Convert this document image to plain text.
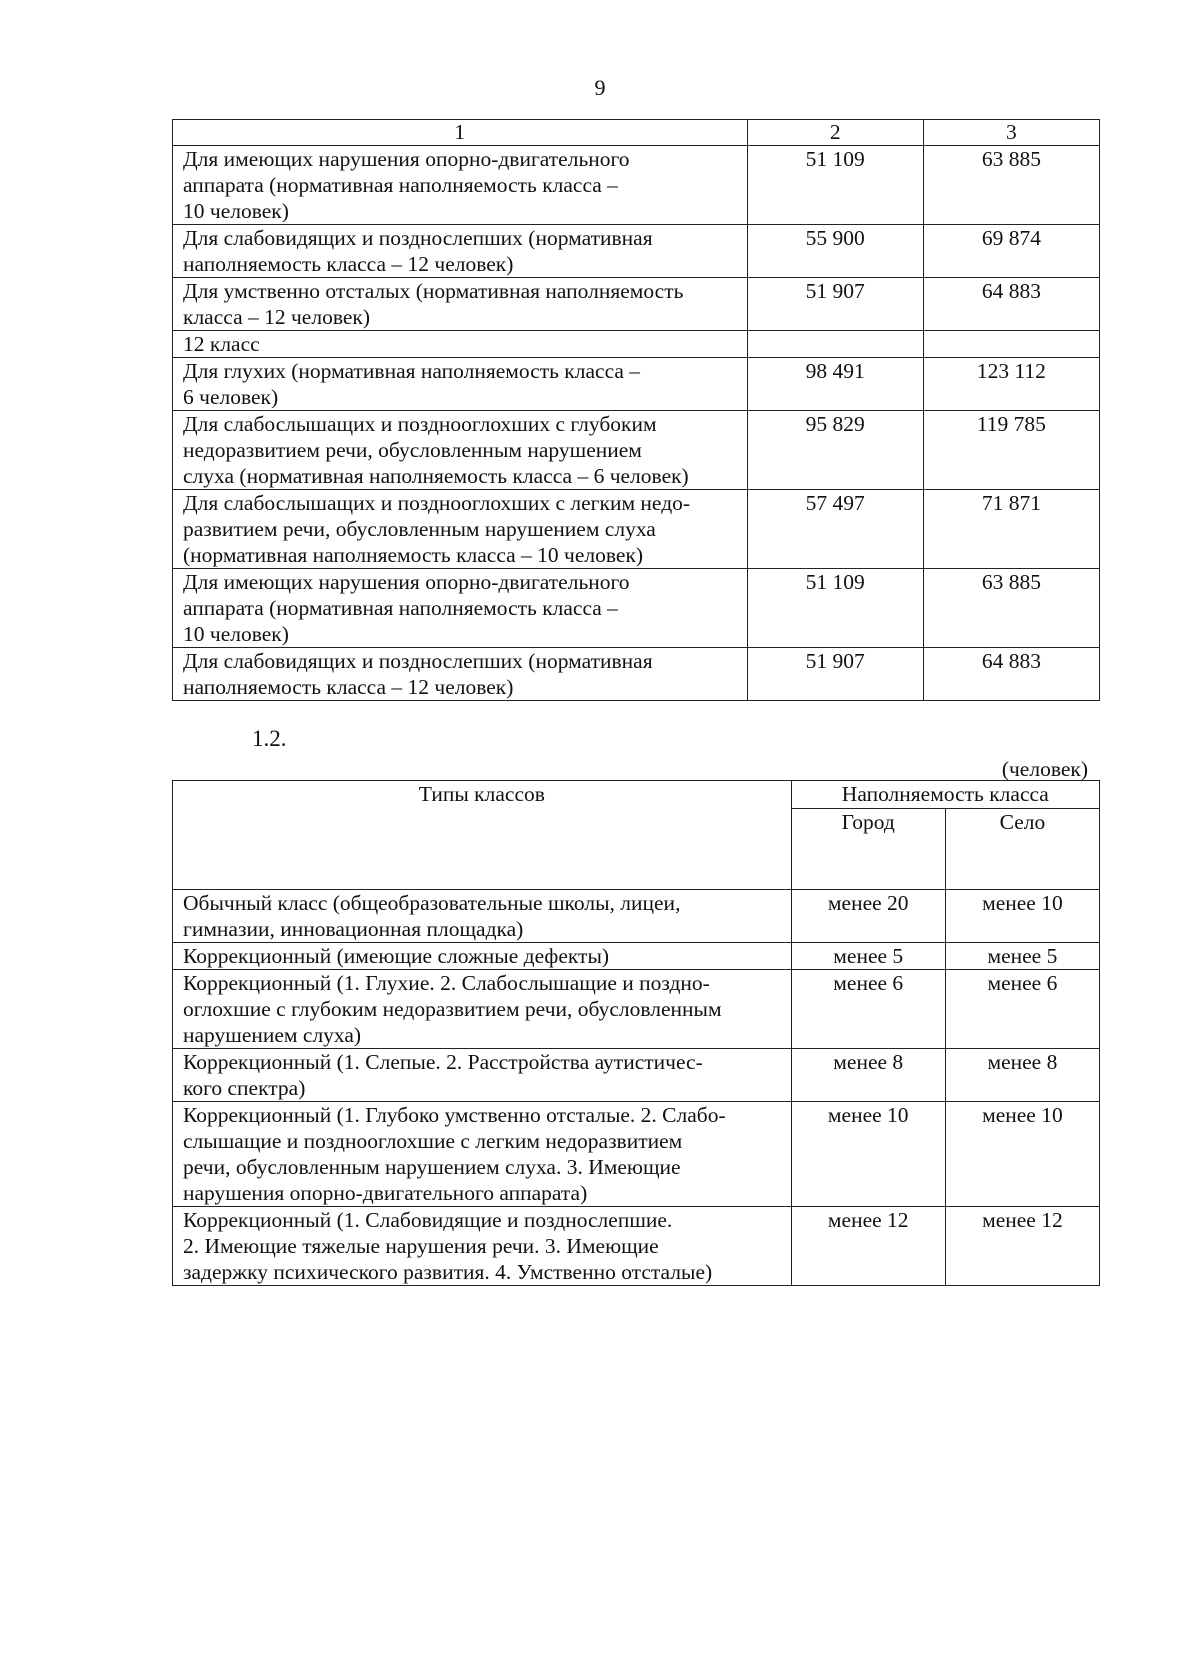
9
1	2	3

Для имеющих нарушения опорно-двигательного
аппарата (нормативная наполняемость класса –
10 человек)	51 109	63 885

Для слабовидящих и позднослепших (нормативная
наполняемость класса – 12 человек)	55 900	69 874

Для умственно отсталых (нормативная наполняемость
класса – 12 человек)	51 907	64 883

12 класс		

Для глухих (нормативная наполняемость класса –
6 человек)	98 491	123 112

Для слабослышащих и позднооглохших с глубоким
недоразвитием речи, обусловленным нарушением
слуха (нормативная наполняемость класса – 6 человек)	95 829	119 785

Для слабослышащих и позднооглохших с легким недо-
развитием речи, обусловленным нарушением слуха
(нормативная наполняемость класса – 10 человек)	57 497	71 871

Для имеющих нарушения опорно-двигательного
аппарата (нормативная наполняемость класса –
10 человек)	51 109	63 885

Для слабовидящих и позднослепших (нормативная
наполняемость класса – 12 человек)	51 907	64 883
1.2.
(человек)
Типы классов	Наполняемость класса	
	Город	Село

Обычный класс (общеобразовательные школы, лицеи,
гимназии, инновационная площадка)	менее 20	менее 10

Коррекционный (имеющие сложные дефекты)	менее 5	менее 5

Коррекционный (1. Глухие. 2. Слабослышащие и поздно-
оглохшие с глубоким недоразвитием речи, обусловленным
нарушением слуха)	менее 6	менее 6

Коррекционный (1. Слепые. 2. Расстройства аутистичес-
кого спектра)	менее 8	менее 8

Коррекционный (1. Глубоко умственно отсталые. 2. Слабо-
слышащие и позднооглохшие с легким недоразвитием
речи, обусловленным нарушением слуха. 3. Имеющие
нарушения опорно-двигательного аппарата)	менее 10	менее 10

Коррекционный (1. Слабовидящие и позднослепшие.
2. Имеющие тяжелые нарушения речи. 3. Имеющие
задержку психического развития. 4. Умственно отсталые)	менее 12	менее 12
